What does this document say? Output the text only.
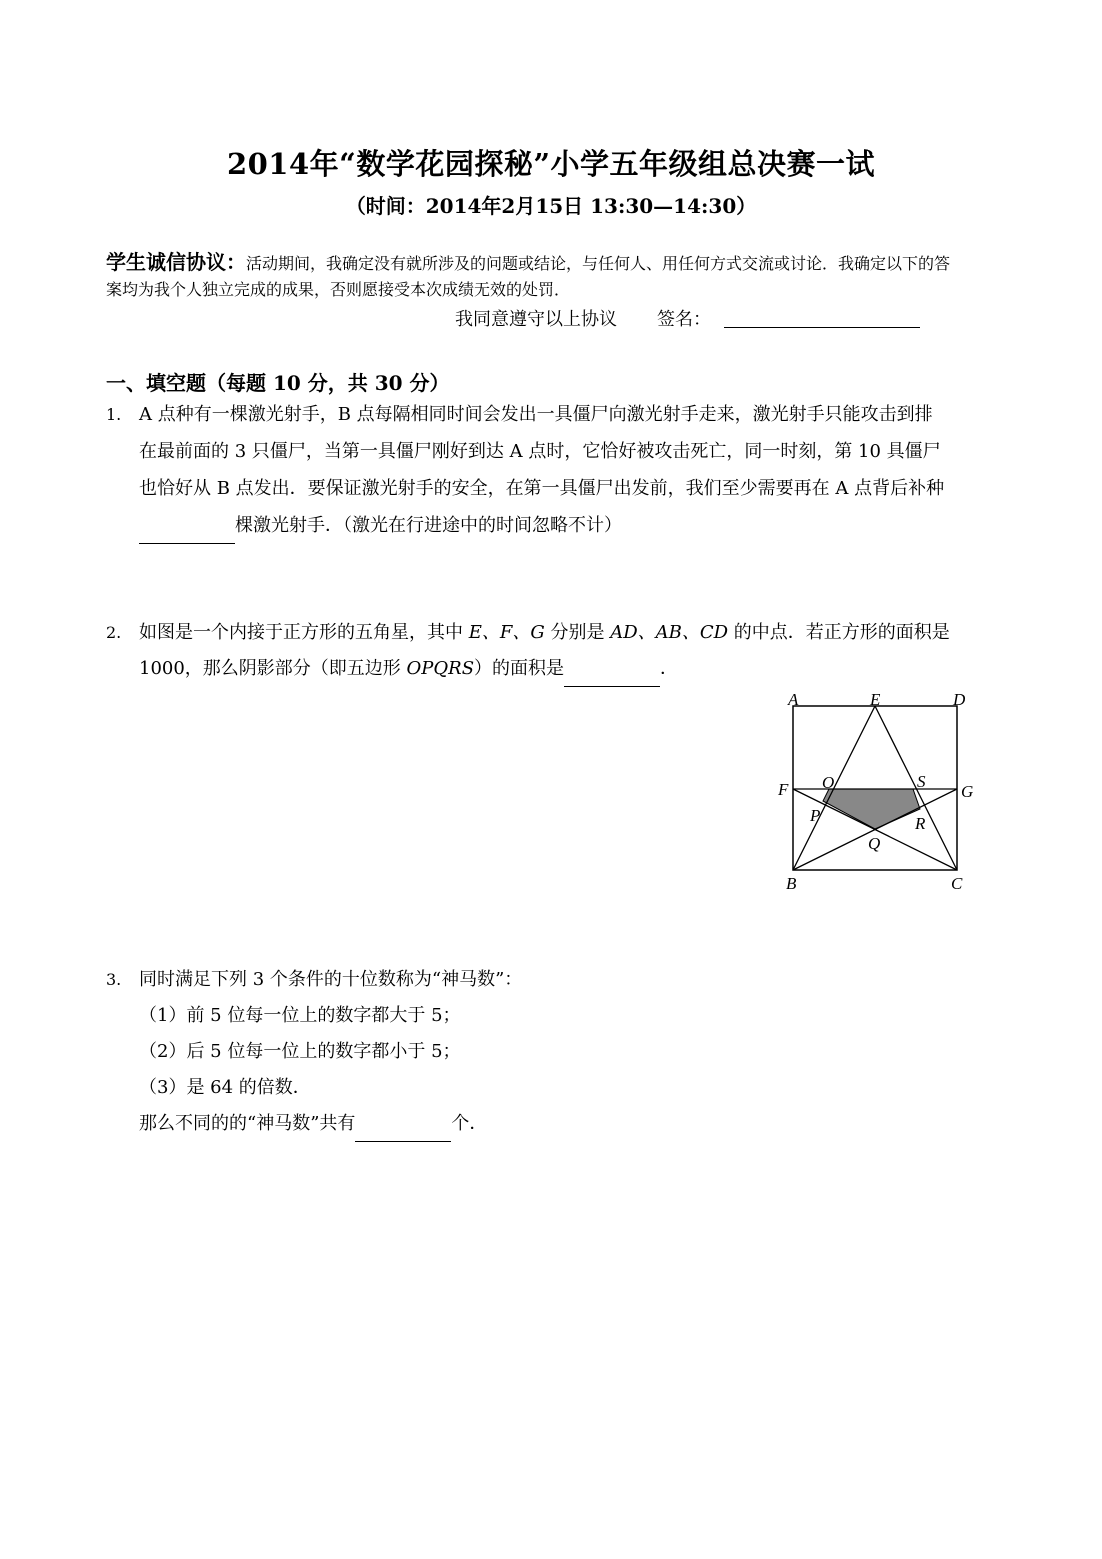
2014年“数学花园探秘”小学五年级组总决赛一试
（时间：2014年2月15日 13:30—14:30）
学生诚信协议：活动期间，我确定没有就所涉及的问题或结论，与任何人、用任何方式交流或讨论．我确定以下的答
案均为我个人独立完成的成果，否则愿接受本次成绩无效的处罚．
我同意遵守以上协议 签名：
一、填空题（每题 10 分，共 30 分）
1. A 点种有一棵激光射手，B 点每隔相同时间会发出一具僵尸向激光射手走来，激光射手只能攻击到排
在最前面的 3 只僵尸，当第一具僵尸刚好到达 A 点时，它恰好被攻击死亡，同一时刻，第 10 具僵尸
也恰好从 B 点发出．要保证激光射手的安全，在第一具僵尸出发前，我们至少需要再在 A 点背后补种
棵激光射手．（激光在行进途中的时间忽略不计）
2. 如图是一个内接于正方形的五角星，其中 E、F、G 分别是 AD、AB、CD 的中点．若正方形的面积是
1000，那么阴影部分（即五边形 OPQRS）的面积是	．
A	E	D
F O	S
G
P	R
Q
B	C
3. 同时满足下列 3 个条件的十位数称为“神马数”：
（1）前 5 位每一位上的数字都大于 5；
（2）后 5 位每一位上的数字都小于 5；
（3）是 64 的倍数．
那么不同的的“神马数”共有	个．
